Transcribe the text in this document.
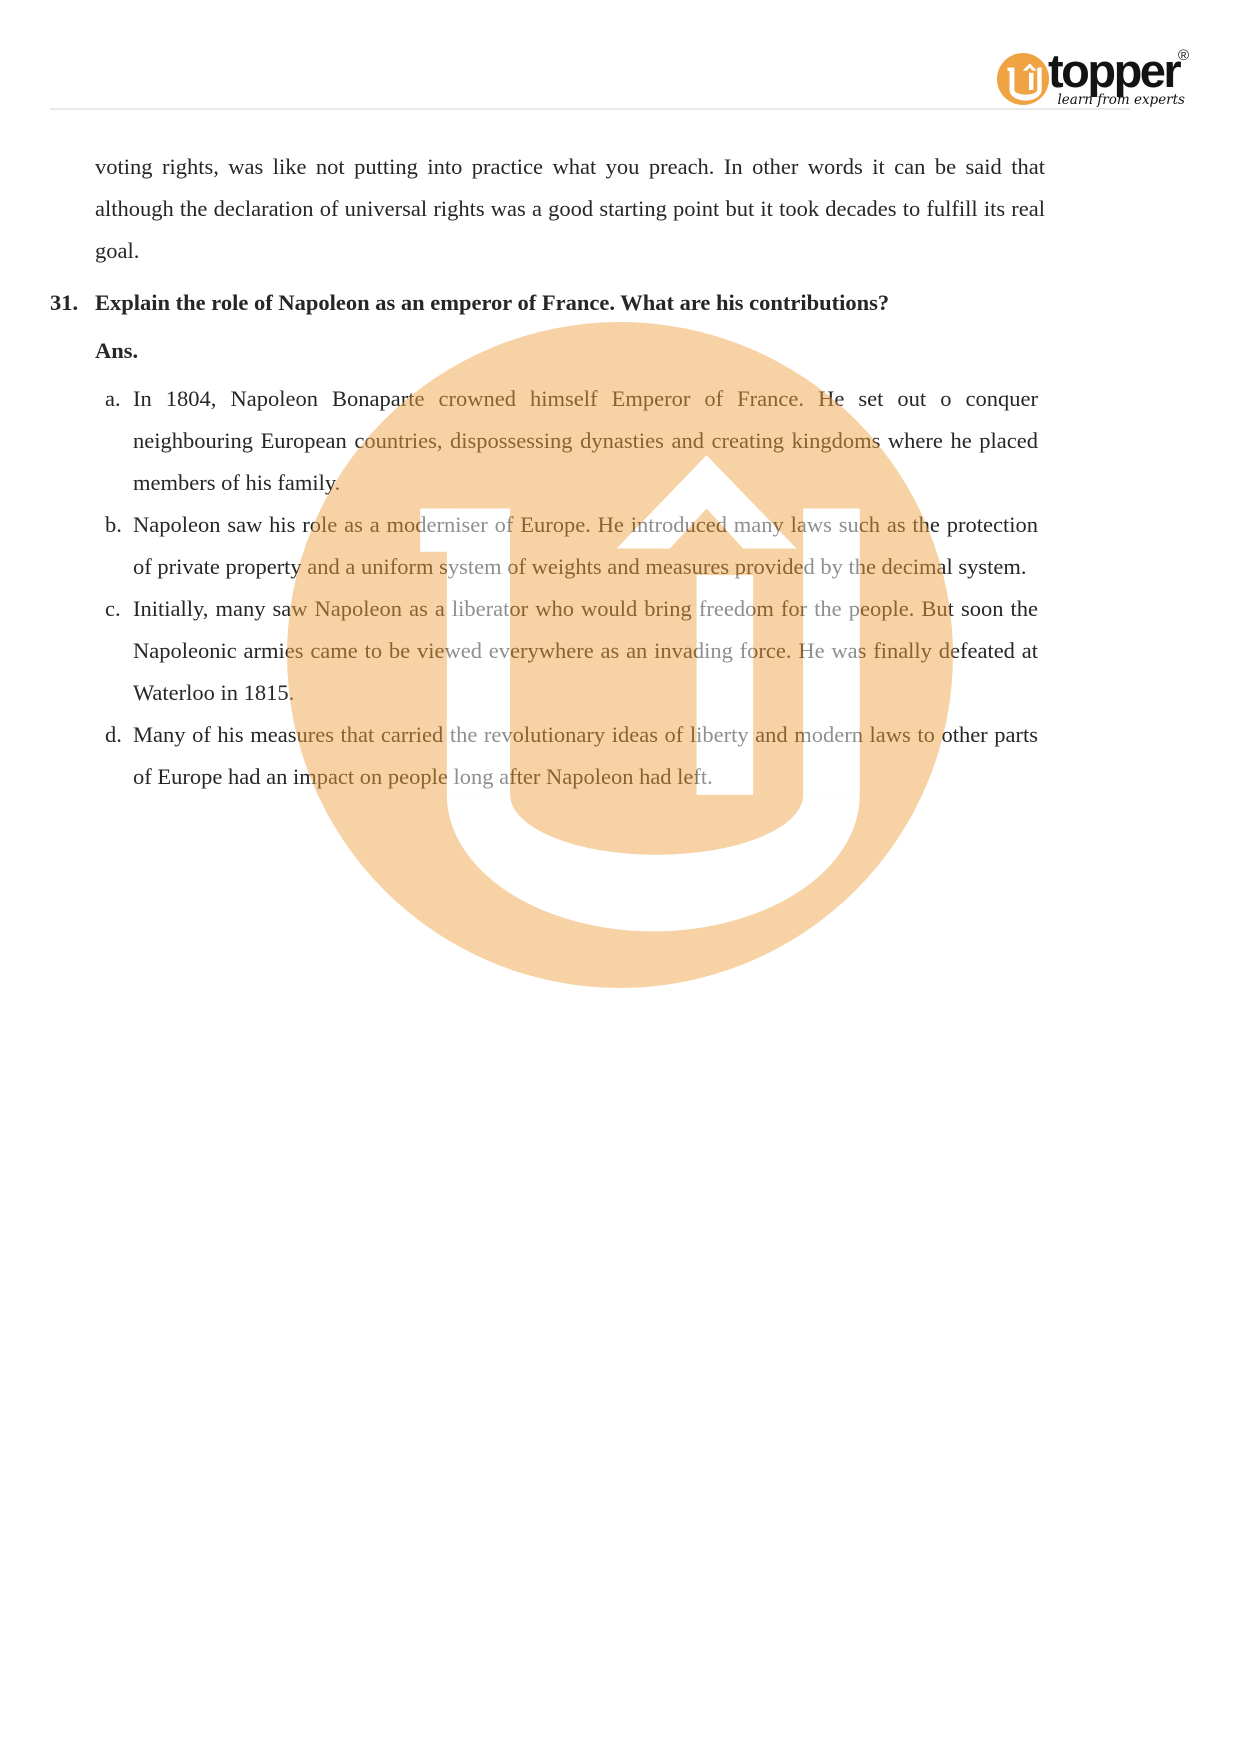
topper
®
learn from experts

voting rights, was like not putting into practice what you preach. In other words it can be said that although the declaration of universal rights was a good starting point but it took decades to fulfill its real goal.

31. Explain the role of Napoleon as an emperor of France. What are his contributions?
Ans.
a. In 1804, Napoleon Bonaparte crowned himself Emperor of France. He set out o conquer neighbouring European countries, dispossessing dynasties and creating kingdoms where he placed members of his family.
b. Napoleon saw his role as a moderniser of Europe. He introduced many laws such as the protection of private property and a uniform system of weights and measures provided by the decimal system.
c. Initially, many saw Napoleon as a liberator who would bring freedom for the people. But soon the Napoleonic armies came to be viewed everywhere as an invading force. He was finally defeated at Waterloo in 1815.
d. Many of his measures that carried the revolutionary ideas of liberty and modern laws to other parts of Europe had an impact on people long after Napoleon had left.
